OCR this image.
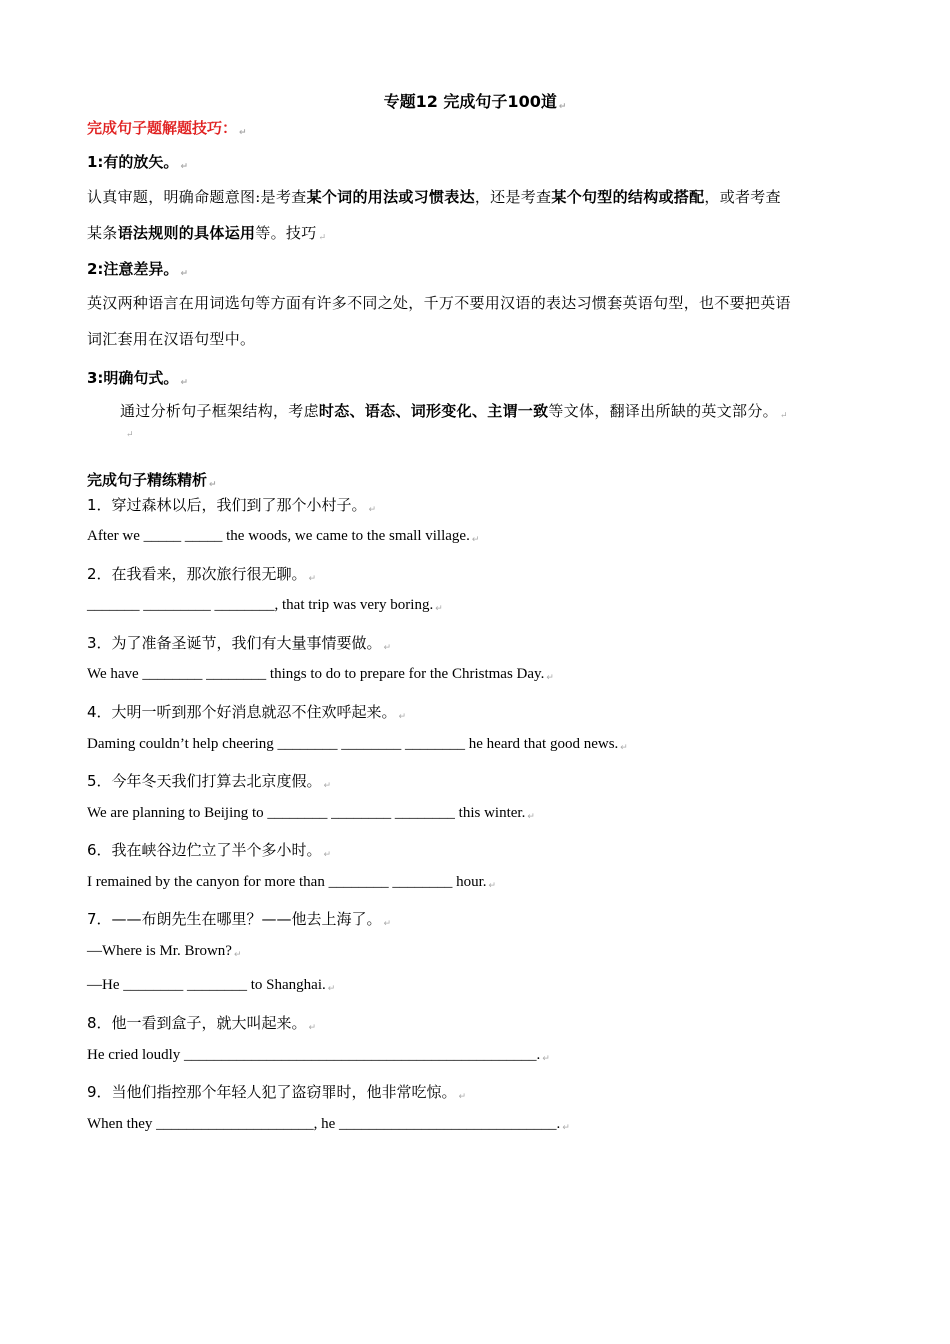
专题12 完成句子100道 ↵
完成句子题解题技巧： ↵
1:有的放矢。 ↵
认真审题，明确命题意图:是考查某个词的用法或习惯表达，还是考查某个句型的结构或搭配，或者考查
某条语法规则的具体运用等。技巧 ↵
2:注意差异。 ↵
英汉两种语言在用词选句等方面有许多不同之处，千万不要用汉语的表达习惯套英语句型，也不要把英语
词汇套用在汉语句型中。
3:明确句式。 ↵
通过分析句子框架结构，考虑时态、语态、词形变化、主谓一致等文体，翻译出所缺的英文部分。 ↵
↵
完成句子精练精析 ↵
1．穿过森林以后，我们到了那个小村子。 ↵
After we _____ _____ the woods, we came to the small village. ↵
2．在我看来，那次旅行很无聊。 ↵
_______ _________ ________, that trip was very boring. ↵
3．为了准备圣诞节，我们有大量事情要做。 ↵
We have ________ ________ things to do to prepare for the Christmas Day. ↵
4．大明一听到那个好消息就忍不住欢呼起来。 ↵
Daming couldn’t help cheering ________ ________ ________ he heard that good news. ↵
5．今年冬天我们打算去北京度假。 ↵
We are planning to Beijing to ________ ________ ________ this winter. ↵
6．我在峡谷边伫立了半个多小时。 ↵
I remained by the canyon for more than ________ ________ hour. ↵
7．——布朗先生在哪里？——他去上海了。 ↵
—Where is Mr. Brown? ↵
—He ________ ________ to Shanghai. ↵
8．他一看到盒子，就大叫起来。 ↵
He cried loudly _______________________________________________. ↵
9．当他们指控那个年轻人犯了盗窃罪时，他非常吃惊。 ↵
When they _____________________, he _____________________________. ↵
